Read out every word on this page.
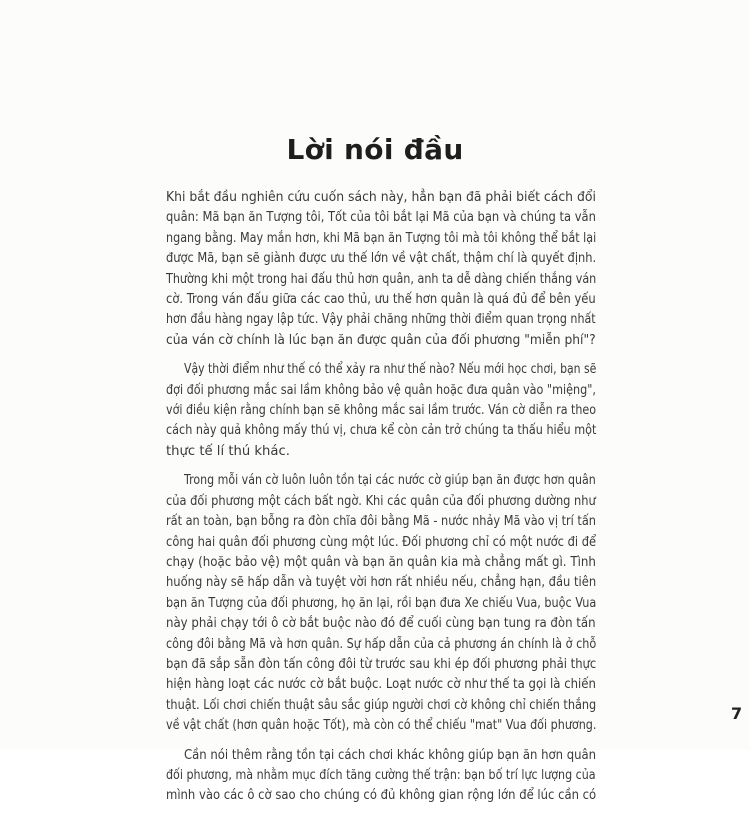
Lời nói đầu
Khi bắt đầu nghiên cứu cuốn sách này, hẳn bạn đã phải biết cách đổi
quân: Mã bạn ăn Tượng tôi, Tốt của tôi bắt lại Mã của bạn và chúng ta vẫn
ngang bằng. May mắn hơn, khi Mã bạn ăn Tượng tôi mà tôi không thể bắt lại
được Mã, bạn sẽ giành được ưu thế lớn về vật chất, thậm chí là quyết định.
Thường khi một trong hai đấu thủ hơn quân, anh ta dễ dàng chiến thắng ván
cờ. Trong ván đấu giữa các cao thủ, ưu thế hơn quân là quá đủ để bên yếu
hơn đầu hàng ngay lập tức. Vậy phải chăng những thời điểm quan trọng nhất
của ván cờ chính là lúc bạn ăn được quân của đối phương "miễn phí"?
Vậy thời điểm như thế có thể xảy ra như thế nào? Nếu mới học chơi, bạn sẽ
đợi đối phương mắc sai lầm không bảo vệ quân hoặc đưa quân vào "miệng",
với điều kiện rằng chính bạn sẽ không mắc sai lầm trước. Ván cờ diễn ra theo
cách này quả không mấy thú vị, chưa kể còn cản trở chúng ta thấu hiểu một
thực tế lí thú khác.
Trong mỗi ván cờ luôn luôn tồn tại các nước cờ giúp bạn ăn được hơn quân
của đối phương một cách bất ngờ. Khi các quân của đối phương dường như
rất an toàn, bạn bỗng ra đòn chĩa đôi bằng Mã - nước nhảy Mã vào vị trí tấn
công hai quân đối phương cùng một lúc. Đối phương chỉ có một nước đi để
chạy (hoặc bảo vệ) một quân và bạn ăn quân kia mà chẳng mất gì. Tình
huống này sẽ hấp dẫn và tuyệt vời hơn rất nhiều nếu, chẳng hạn, đầu tiên
bạn ăn Tượng của đối phương, họ ăn lại, rồi bạn đưa Xe chiếu Vua, buộc Vua
này phải chạy tới ô cờ bắt buộc nào đó để cuối cùng bạn tung ra đòn tấn
công đôi bằng Mã và hơn quân. Sự hấp dẫn của cả phương án chính là ở chỗ
bạn đã sắp sẵn đòn tấn công đôi từ trước sau khi ép đối phương phải thực
hiện hàng loạt các nước cờ bắt buộc. Loạt nước cờ như thế ta gọi là chiến
thuật. Lối chơi chiến thuật sâu sắc giúp người chơi cờ không chỉ chiến thắng
về vật chất (hơn quân hoặc Tốt), mà còn có thể chiếu "mat" Vua đối phương.
Cần nói thêm rằng tồn tại cách chơi khác không giúp bạn ăn hơn quân
đối phương, mà nhằm mục đích tăng cường thế trận: bạn bố trí lực lượng của
mình vào các ô cờ sao cho chúng có đủ không gian rộng lớn để lúc cần có
7
